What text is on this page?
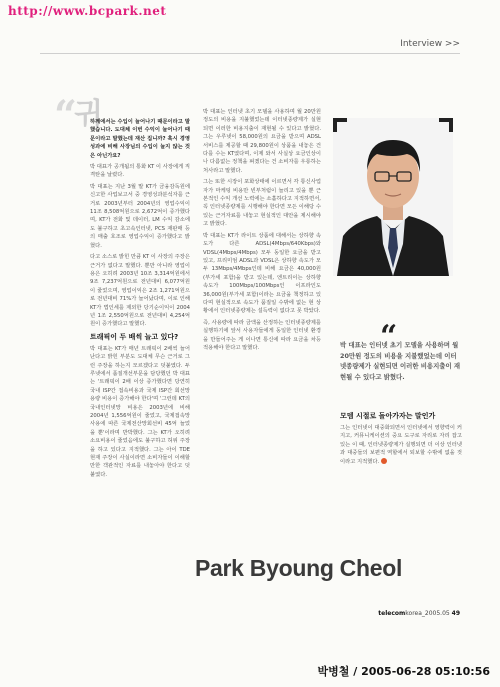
http://www.bcpark.net
Interview >>
“
귀

하께에서는 수입이 늘어나기 때문이라고 말했습니다. 도대체 이번 수익이 늘어나기 때문이라고 말했는데 재산 집니까? 혹시 경영성과에 비해 사장님의 수입이 늘지 않는 것은 아닌가요?

박 대표가 공개됨의 통화 KT 이 사장에게 직격탄을 날렸다.

박 대표는 지난 3월 말 KT가 금융감독원에 신고한 사업보고서 중 경영성과분석자를 근거로 2003년부터 2004년의 영업수익이 11조 8,508억원으로 2,672억이 증가했다며, KT가 전화 및 데이터, LM 수익 감소에도 불구하고 초고속인터넷, PCS 재판매 등의 매출 호조로 영업수익이 증가했다고 밝혔다.

다고 소스로 밝힌 만큼 KT 이 사장의 주장은 근거가 없다고 말했다. 뿐만 아니라 영업이용은 오히려 2003년 10조 3,314억원에서 9조 7,237억원으로 전년대비 6,077억원이 줄었으며, 영업이익은 2조 1,271억원으로 전년대비 71%가 늘어났다며, 이로 인해 KT가 법인세를 제외한 당기순이익이 2004년 1조 2,550억원으로 전년대비 4,254억원이 증가했다고 말했다.

트래픽이 두 배씩 늘고 있다?

박 대표는 KT가 매년 트래픽이 2배씩 늘어난다고 밝힌 부분도 도대체 무슨 근거로 그런 주장을 하는지 모르겠다고 덧붙였다. 두루넷에서 품질개선부문을 담당했던 박 대표는 '트래픽이 2배 이상 증가했다면 당연히 국내 ISP간 접속비용과 국제 ISP간 회선망 용량 비용이 증가해야 한다'며 '그런데 KT의 국내인터넷망 비용은 2003년에 비해 2004년 1,556억원이 줄었고, 국제접속망 사용에 따른 국제전산망회선비 45억 늘었을 뿐'이라며 반박했다. 그는 KT가 오히려 소요비용이 줄었음에도 불구하고 허위 주장을 하고 있다고 지적했다. 그는 아이 TDE 현재 주장이 사실이라면 소비자들이 이해할만한 객관적인 자료를 내놓아야 한다고 덧붙였다.

박 대표는 인터넷 초기 모델을 사용하며 월 20만원 정도의 비용을 지불했었는데 이터넷종량제가 실현되면 이러한 비용지출이 재현될 수 있다고 밝혔다. 그는 우루넷이 58,000원의 요금을 받으며 ADSL 서비스를 제공할 때 29,800원이 상품을 내놓은 건 다를 수는 KT였다며, 이제 와서 사실상 요금인상이나 다름없는 정책을 펴겠다는 건 소비자를 우롱하는 처사라고 말했다.

그는 또한 시장이 포화상태에 이르면서 각 통신사업자가 마케팅 비용만 빈부처럼이 늘리고 있을 뿐 근본적인 수익 개선 노력에는 소홀하다고 지적하면서, 꼭 인터넷종량제를 시행해야 한다면 모든 이해당 수 있는 근거자료를 내놓고 현실적인 대안을 제시해야 고 밝혔다.

박 대표는 KT가 라이트 상품에 대해서는 상하향 속도가 다른 ADSL(4Mbps/640Kbps)와 VDSL(4Mbps/4Mbps) 모두 동일한 요금을 받고 있고, 프리미엄 ADSL과 VDSL은 상하향 속도가 모두 13Mbps/4Mbps인데 비해 요금은 40,000원(부가세 포함)을 받고 있는데, 엔트리이는 상하향 속도가 100Mbps/100Mbps인 이프라인도 36,000원(부가세 포함)이라는 요금을 책정하고 있다며 현실적으로 속도가 품질일 수밖에 없는 현 상황에서 인터넷종량제는 설득력이 없다고 못 박았다.

즉, 사용량에 따라 금액을 산정하는 인터넷종량제를 실행하기에 앞서 사용자들에게 동일한 인터넷 환경을 만들어주는 게 이나면 통신에 따라 요금을 차등 적용해야 한다고 말했다.	“
박 대표는 인터넷 초기 모델을 사용하며 월 20만원 정도의 비용을 지불했었는데 이터넷종량제가 실현되면 이러한 비용지출이 재현될 수 있다고 밝혔다.
모뎀 시절로 돌아가자는 말인가

그는 인터넷이 대중화되면서 인터넷에서 영향력이 커지고, 커뮤니케이션의 중요 도구로 자리로 자리 잡고 있는 이 때, 인터넷종량제가 실행되면 더 이상 인터넷과 대중들의 보편적 역할에서 퇴보할 수밖에 없을 것이라고 지적했다.

Park Byoung Cheol
telecomkorea_2005.05 49
박병철 / 2005-06-28 05:10:56
